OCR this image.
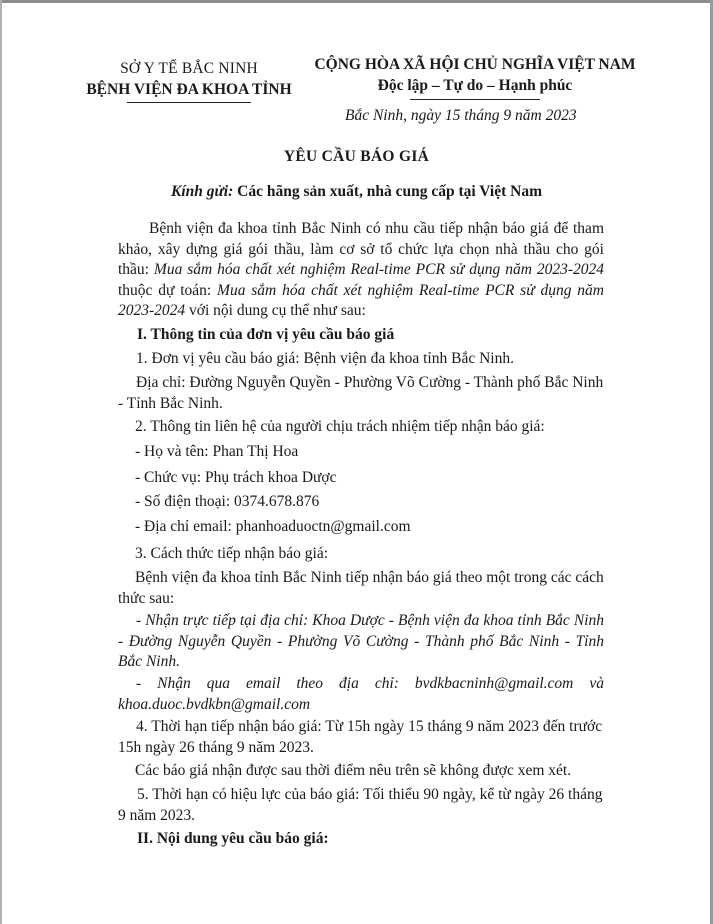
SỞ Y TẾ BẮC NINH
BỆNH VIỆN ĐA KHOA TỈNH
CỘNG HÒA XÃ HỘI CHỦ NGHĨA VIỆT NAM
Độc lập – Tự do – Hạnh phúc
Bắc Ninh, ngày 15 tháng 9 năm 2023
YÊU CẦU BÁO GIÁ
Kính gửi: Các hãng sản xuất, nhà cung cấp tại Việt Nam
Bệnh viện đa khoa tỉnh Bắc Ninh có nhu cầu tiếp nhận báo giá để tham khảo, xây dựng giá gói thầu, làm cơ sở tổ chức lựa chọn nhà thầu cho gói thầu: Mua sắm hóa chất xét nghiệm Real-time PCR sử dụng năm 2023-2024 thuộc dự toán: Mua sắm hóa chất xét nghiệm Real-time PCR sử dụng năm 2023-2024 với nội dung cụ thể như sau:
I. Thông tin của đơn vị yêu cầu báo giá
1. Đơn vị yêu cầu báo giá: Bệnh viện đa khoa tỉnh Bắc Ninh.
Địa chỉ: Đường Nguyễn Quyền - Phường Võ Cường - Thành phố Bắc Ninh - Tỉnh Bắc Ninh.
2. Thông tin liên hệ của người chịu trách nhiệm tiếp nhận báo giá:
- Họ và tên: Phan Thị Hoa
- Chức vụ: Phụ trách khoa Dược
- Số điện thoại: 0374.678.876
- Địa chỉ email: phanhoaduoctn@gmail.com
3. Cách thức tiếp nhận báo giá:
Bệnh viện đa khoa tỉnh Bắc Ninh tiếp nhận báo giá theo một trong các cách thức sau:
- Nhận trực tiếp tại địa chỉ: Khoa Dược - Bệnh viện đa khoa tỉnh Bắc Ninh - Đường Nguyễn Quyền - Phường Võ Cường - Thành phố Bắc Ninh - Tỉnh Bắc Ninh.
- Nhận qua email theo địa chỉ: bvdkbacninh@gmail.com và khoa.duoc.bvdkbn@gmail.com
4. Thời hạn tiếp nhận báo giá: Từ 15h ngày 15 tháng 9 năm 2023 đến trước 15h ngày 26 tháng 9 năm 2023.
Các báo giá nhận được sau thời điểm nêu trên sẽ không được xem xét.
5. Thời hạn có hiệu lực của báo giá: Tối thiểu 90 ngày, kể từ ngày 26 tháng 9 năm 2023.
II. Nội dung yêu cầu báo giá:
